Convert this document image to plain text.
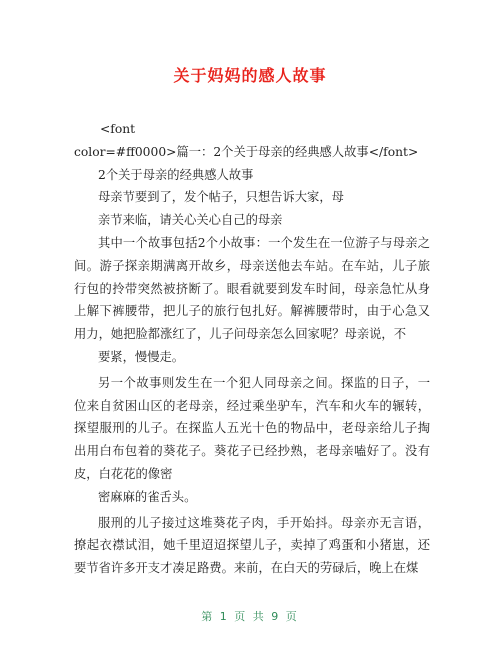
关于妈妈的感人故事
<font
color=#ff0000>篇一：2个关于母亲的经典感人故事</font>
2个关于母亲的经典感人故事
母亲节要到了，发个帖子，只想告诉大家，母
亲节来临，请关心关心自己的母亲

其中一个故事包括2个小故事：一个发生在一位游子与母亲之间。游子探亲期满离开故乡，母亲送他去车站。在车站，儿子旅行包的拎带突然被挤断了。眼看就要到发车时间，母亲急忙从身上解下裤腰带，把儿子的旅行包扎好。解裤腰带时，由于心急又用力，她把脸都涨红了，儿子问母亲怎么回家呢？母亲说，不

要紧，慢慢走。

另一个故事则发生在一个犯人同母亲之间。探监的日子，一位来自贫困山区的老母亲，经过乘坐驴车，汽车和火车的辗转，探望服刑的儿子。在探监人五光十色的物品中，老母亲给儿子掏出用白布包着的葵花子。葵花子已经抄熟，老母亲嗑好了。没有皮，白花花的像密

密麻麻的雀舌头。

服刑的儿子接过这堆葵花子肉，手开始抖。母亲亦无言语，撩起衣襟试泪，她千里迢迢探望儿子，卖掉了鸡蛋和小猪崽，还要节省许多开支才凑足路费。来前，在白天的劳碌后，晚上在煤

第 1 页 共 9 页
